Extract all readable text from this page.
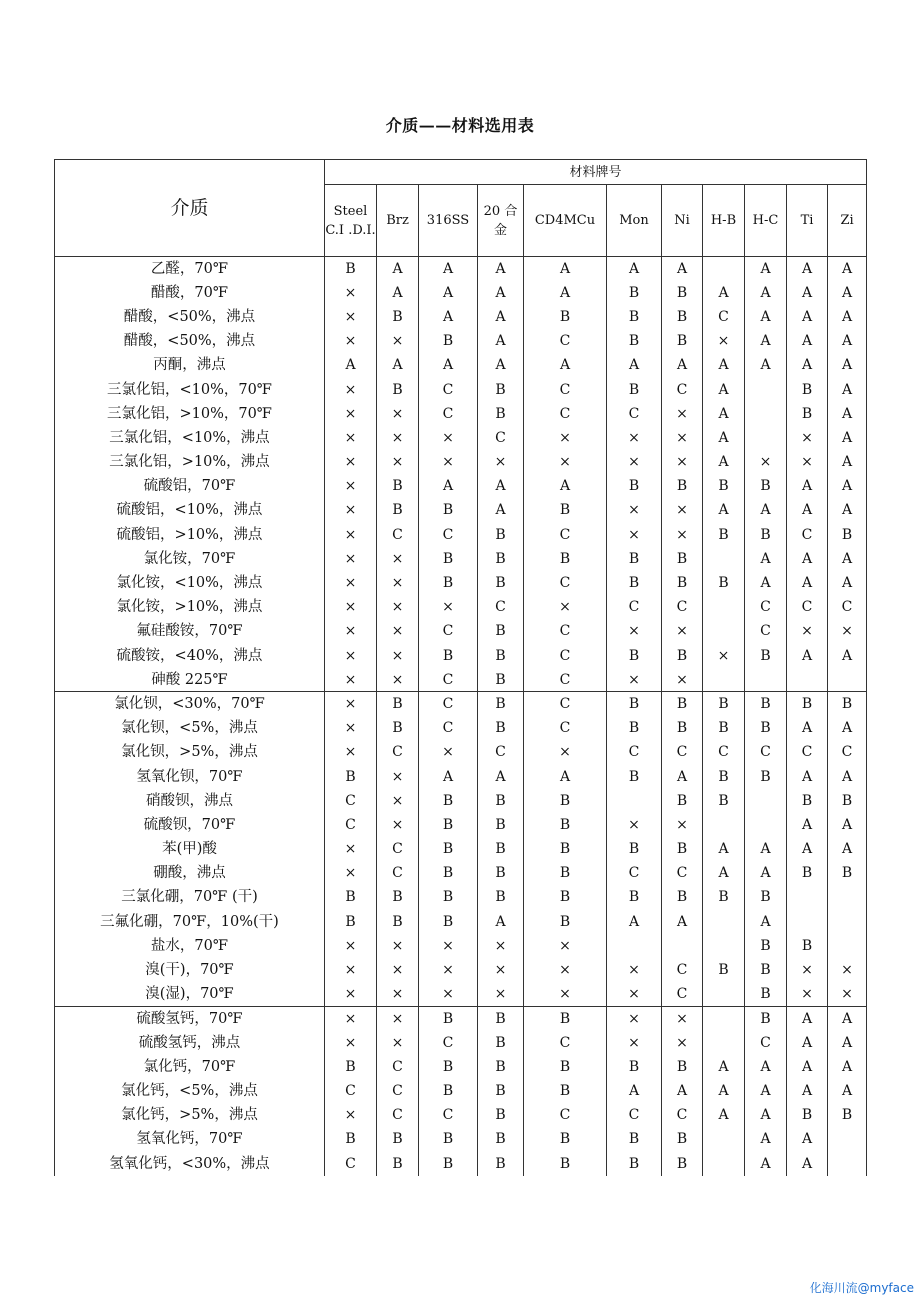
介质——材料选用表
介质	材料牌号										
	Steel C.I .D.I.	Brz	316SS	20 合金	CD4MCu	Mon	Ni	H-B	H-C	Ti	Zi
乙醛，70℉	B	A	A	A	A	A	A		A	A	A
醋酸，70℉	×	A	A	A	A	B	B	A	A	A	A
醋酸，<50%，沸点	×	B	A	A	B	B	B	C	A	A	A
醋酸，<50%，沸点	×	×	B	A	C	B	B	×	A	A	A
丙酮，沸点	A	A	A	A	A	A	A	A	A	A	A
三氯化铝，<10%，70℉	×	B	C	B	C	B	C	A		B	A
三氯化铝，>10%，70℉	×	×	C	B	C	C	×	A		B	A
三氯化铝，<10%，沸点	×	×	×	C	×	×	×	A		×	A
三氯化铝，>10%，沸点	×	×	×	×	×	×	×	A	×	×	A
硫酸铝，70℉	×	B	A	A	A	B	B	B	B	A	A
硫酸铝，<10%，沸点	×	B	B	A	B	×	×	A	A	A	A
硫酸铝，>10%，沸点	×	C	C	B	C	×	×	B	B	C	B
氯化铵，70℉	×	×	B	B	B	B	B		A	A	A
氯化铵，<10%，沸点	×	×	B	B	C	B	B	B	A	A	A
氯化铵，>10%，沸点	×	×	×	C	×	C	C		C	C	C
氟硅酸铵，70℉	×	×	C	B	C	×	×		C	×	×
硫酸铵，<40%，沸点	×	×	B	B	C	B	B	×	B	A	A
砷酸 225℉	×	×	C	B	C	×	×				
氯化钡，<30%，70℉	×	B	C	B	C	B	B	B	B	B	B
氯化钡，<5%，沸点	×	B	C	B	C	B	B	B	B	A	A
氯化钡，>5%，沸点	×	C	×	C	×	C	C	C	C	C	C
氢氧化钡，70℉	B	×	A	A	A	B	A	B	B	A	A
硝酸钡，沸点	C	×	B	B	B		B	B		B	B
硫酸钡，70℉	C	×	B	B	B	×	×			A	A
苯(甲)酸	×	C	B	B	B	B	B	A	A	A	A
硼酸，沸点	×	C	B	B	B	C	C	A	A	B	B
三氯化硼，70℉ (干)	B	B	B	B	B	B	B	B	B		
三氟化硼，70℉，10%(干)	B	B	B	A	B	A	A		A		
盐水，70℉	×	×	×	×	×				B	B	
溴(干)，70℉	×	×	×	×	×	×	C	B	B	×	×
溴(湿)，70℉	×	×	×	×	×	×	C		B	×	×
硫酸氢钙，70℉	×	×	B	B	B	×	×		B	A	A
硫酸氢钙，沸点	×	×	C	B	C	×	×		C	A	A
氯化钙，70℉	B	C	B	B	B	B	B	A	A	A	A
氯化钙，<5%，沸点	C	C	B	B	B	A	A	A	A	A	A
氯化钙，>5%，沸点	×	C	C	B	C	C	C	A	A	B	B
氢氧化钙，70℉	B	B	B	B	B	B	B		A	A	
氢氧化钙，<30%，沸点	C	B	B	B	B	B	B		A	A	
化海川流@myface
